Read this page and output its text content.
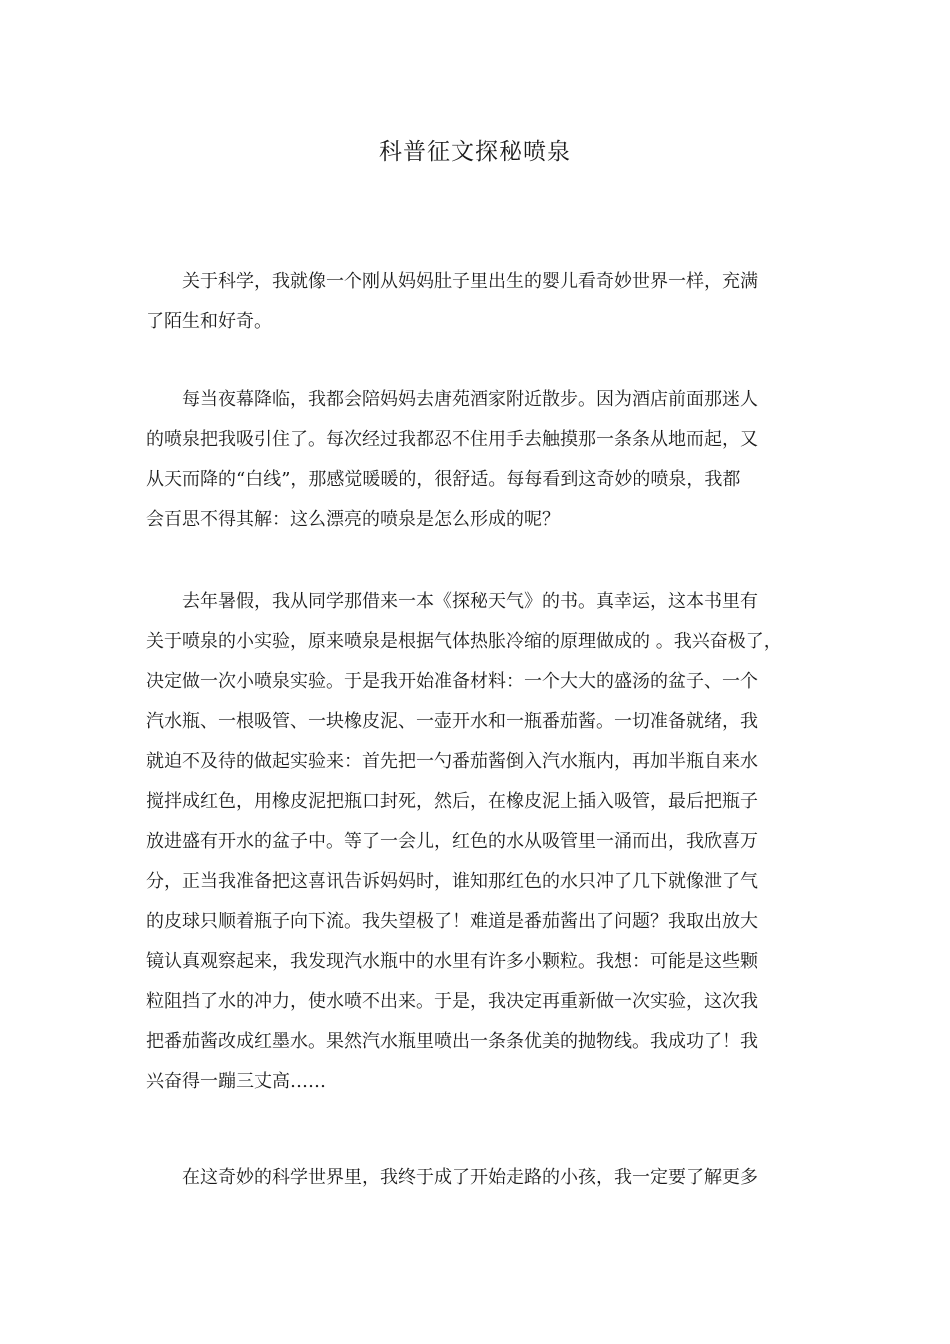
科普征文探秘喷泉
关于科学，我就像一个刚从妈妈肚子里出生的婴儿看奇妙世界一样，充满
了陌生和好奇。
每当夜幕降临，我都会陪妈妈去唐苑酒家附近散步。因为酒店前面那迷人
的喷泉把我吸引住了。每次经过我都忍不住用手去触摸那一条条从地而起，又
从天而降的“白线”，那感觉暖暖的，很舒适。每每看到这奇妙的喷泉，我都
会百思不得其解：这么漂亮的喷泉是怎么形成的呢？
去年暑假，我从同学那借来一本《探秘天气》的书。真幸运，这本书里有
关于喷泉的小实验，原来喷泉是根据气体热胀冷缩的原理做成的 。我兴奋极了，
决定做一次小喷泉实验。于是我开始准备材料：一个大大的盛汤的盆子、一个
汽水瓶、一根吸管、一块橡皮泥、一壶开水和一瓶番茄酱。一切准备就绪，我
就迫不及待的做起实验来：首先把一勺番茄酱倒入汽水瓶内，再加半瓶自来水
搅拌成红色，用橡皮泥把瓶口封死，然后，在橡皮泥上插入吸管，最后把瓶子
放进盛有开水的盆子中。等了一会儿，红色的水从吸管里一涌而出，我欣喜万
分，正当我准备把这喜讯告诉妈妈时，谁知那红色的水只冲了几下就像泄了气
的皮球只顺着瓶子向下流。我失望极了！难道是番茄酱出了问题？我取出放大
镜认真观察起来，我发现汽水瓶中的水里有许多小颗粒。我想：可能是这些颗
粒阻挡了水的冲力，使水喷不出来。于是，我决定再重新做一次实验，这次我
把番茄酱改成红墨水。果然汽水瓶里喷出一条条优美的抛物线。我成功了！我
兴奋得一蹦三丈高……
在这奇妙的科学世界里，我终于成了开始走路的小孩，我一定要了解更多
